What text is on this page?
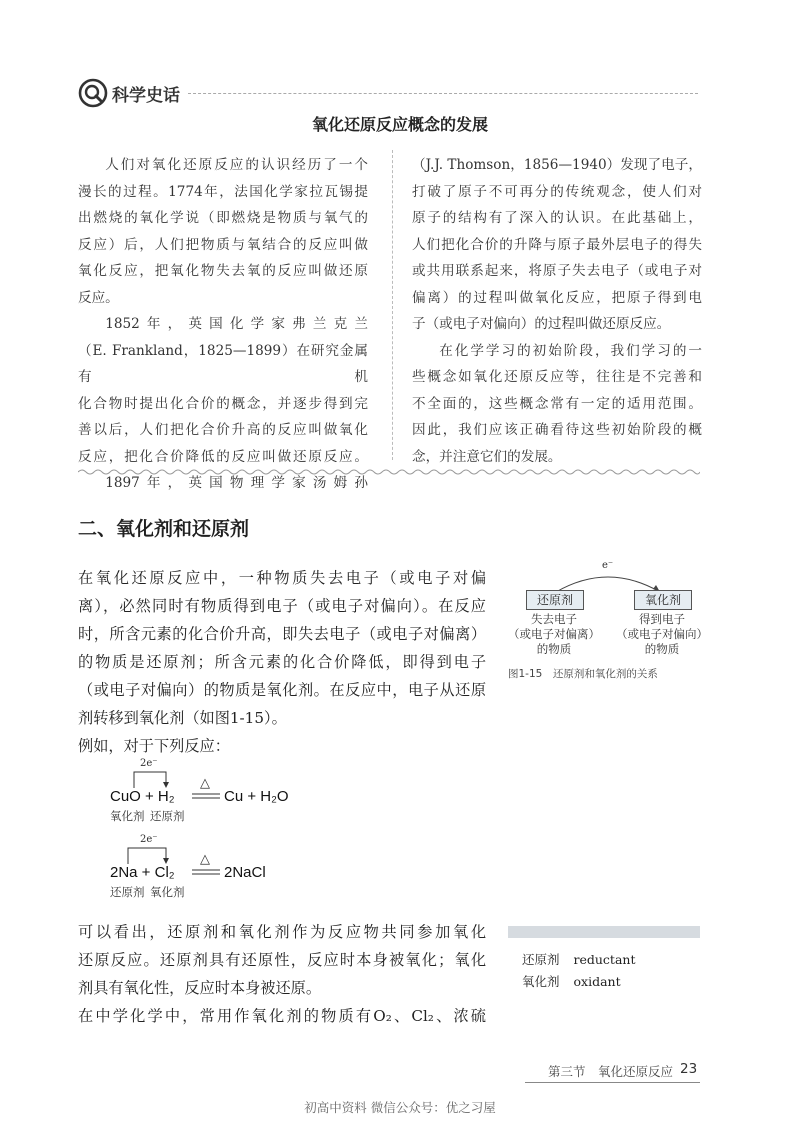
科学史话
氧化还原反应概念的发展

人们对氧化还原反应的认识经历了一个

漫长的过程。1774年，法国化学家拉瓦锡提

出燃烧的氧化学说（即燃烧是物质与氧气的

反应）后，人们把物质与氧结合的反应叫做

氧化反应，把氧化物失去氧的反应叫做还原

反应。

1852年，英国化学家弗兰克兰

（E. Frankland，1825—1899）在研究金属有机

化合物时提出化合价的概念，并逐步得到完

善以后，人们把化合价升高的反应叫做氧化

反应，把化合价降低的反应叫做还原反应。

1897年，英国物理学家汤姆孙

（J.J. Thomson，1856—1940）发现了电子，

打破了原子不可再分的传统观念，使人们对

原子的结构有了深入的认识。在此基础上，

人们把化合价的升降与原子最外层电子的得失

或共用联系起来，将原子失去电子（或电子对

偏离）的过程叫做氧化反应，把原子得到电

子（或电子对偏向）的过程叫做还原反应。

在化学学习的初始阶段，我们学习的一

些概念如氧化还原反应等，往往是不完善和

不全面的，这些概念常有一定的适用范围。

因此，我们应该正确看待这些初始阶段的概

念，并注意它们的发展。

二、氧化剂和还原剂

在氧化还原反应中，一种物质失去电子（或电子对偏

离），必然同时有物质得到电子（或电子对偏向）。在反应

时，所含元素的化合价升高，即失去电子（或电子对偏离）

的物质是还原剂；所含元素的化合价降低，即得到电子

（或电子对偏向）的物质是氧化剂。在反应中，电子从还原

剂转移到氧化剂（如图1-15）。

例如，对于下列反应：

e⁻
还原剂	氧化剂
失去电子
（或电子对偏离）
的物质
得到电子
（或电子对偏向）
的物质
图1-15　还原剂和氧化剂的关系
2e⁻
CuO + H₂
△
Cu + H₂O
氧化剂 还原剂
2e⁻
2Na + Cl₂
△
2NaCl
还原剂 氧化剂

可以看出，还原剂和氧化剂作为反应物共同参加氧化

还原反应。还原剂具有还原性，反应时本身被氧化；氧化

剂具有氧化性，反应时本身被还原。

在中学化学中，常用作氧化剂的物质有O₂、Cl₂、浓硫

还原剂 reductant
氧化剂 oxidant
第三节　氧化还原反应 23
初高中资料 微信公众号：优之习屋
